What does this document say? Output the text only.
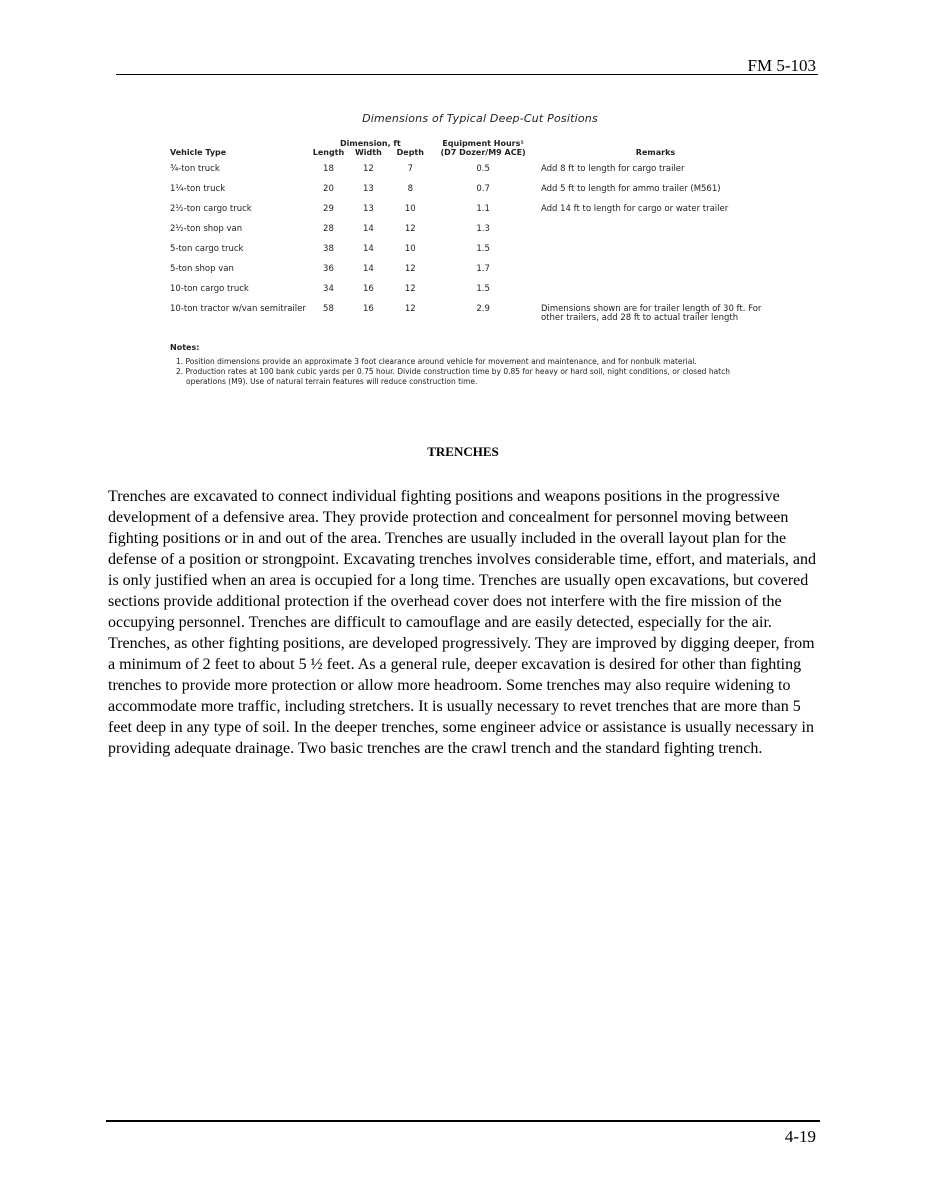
FM 5-103
Dimensions of Typical Deep-Cut Positions
Vehicle Type	Dimension, ft			Equipment Hours¹ (D7 Dozer/M9 ACE)	Remarks
	Length	Width	Depth		

¾-ton truck	18	12	7	0.5	Add 8 ft to length for cargo trailer
1¼-ton truck	20	13	8	0.7	Add 5 ft to length for ammo trailer (M561)
2½-ton cargo truck	29	13	10	1.1	Add 14 ft to length for cargo or water trailer
2½-ton shop van	28	14	12	1.3	
5-ton cargo truck	38	14	10	1.5	
5-ton shop van	36	14	12	1.7	
10-ton cargo truck	34	16	12	1.5	
10-ton tractor w/van semitrailer	58	16	12	2.9	Dimensions shown are for trailer length of 30 ft. For other trailers, add 28 ft to actual trailer length
Notes:
1. Position dimensions provide an approximate 3 foot clearance around vehicle for movement and maintenance, and for nonbulk material.
2. Production rates at 100 bank cubic yards per 0.75 hour. Divide construction time by 0.85 for heavy or hard soil, night conditions, or closed hatch operations (M9). Use of natural terrain features will reduce construction time.
TRENCHES

Trenches are excavated to connect individual fighting positions and weapons positions in the progressive development of a defensive area. They provide protection and concealment for personnel moving between fighting positions or in and out of the area. Trenches are usually included in the overall layout plan for the defense of a position or strongpoint. Excavating trenches involves considerable time, effort, and materials, and is only justified when an area is occupied for a long time. Trenches are usually open excavations, but covered sections provide additional protection if the overhead cover does not interfere with the fire mission of the occupying personnel. Trenches are difficult to camouflage and are easily detected, especially for the air. Trenches, as other fighting positions, are developed progressively. They are improved by digging deeper, from a minimum of 2 feet to about 5 ½ feet. As a general rule, deeper excavation is desired for other than fighting trenches to provide more protection or allow more headroom. Some trenches may also require widening to accommodate more traffic, including stretchers. It is usually necessary to revet trenches that are more than 5 feet deep in any type of soil. In the deeper trenches, some engineer advice or assistance is usually necessary in providing adequate drainage. Two basic trenches are the crawl trench and the standard fighting trench.

4-19
